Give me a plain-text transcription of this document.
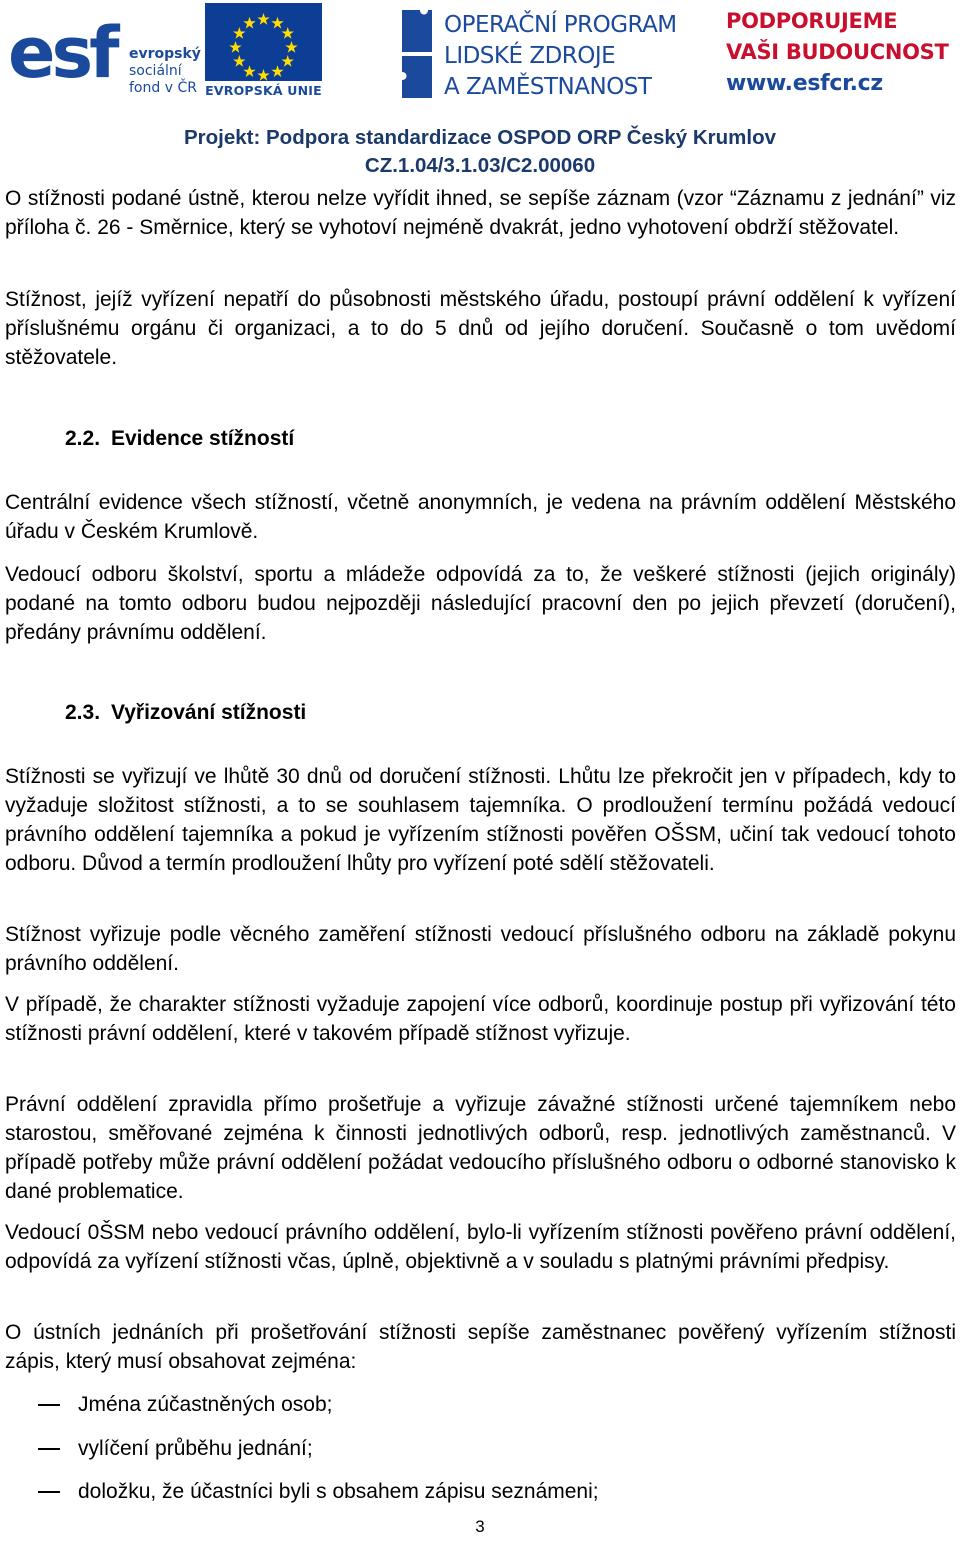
esf evropský
sociální
fond v ČR EVROPSKÁ UNIE
OPERAČNÍ PROGRAM
LIDSKÉ ZDROJE
A ZAMĚSTNANOST
PODPORUJEME
VAŠI BUDOUCNOST
www.esfcr.cz
Projekt: Podpora standardizace OSPOD ORP Český Krumlov
CZ.1.04/3.1.03/C2.00060
O stížnosti podané ústně, kterou nelze vyřídit ihned, se sepíše záznam (vzor “Záznamu z jednání” viz příloha č. 26 - Směrnice, který se vyhotoví nejméně dvakrát, jedno vyhotovení obdrží stěžovatel.
Stížnost, jejíž vyřízení nepatří do působnosti městského úřadu, postoupí právní oddělení k vyřízení příslušnému orgánu či organizaci, a to do 5 dnů od jejího doručení. Současně o tom uvědomí stěžovatele.
2.2. Evidence stížností
Centrální evidence všech stížností, včetně anonymních, je vedena na právním oddělení Městského úřadu v Českém Krumlově.
Vedoucí odboru školství, sportu a mládeže odpovídá za to, že veškeré stížnosti (jejich originály) podané na tomto odboru budou nejpozději následující pracovní den po jejich převzetí (doručení), předány právnímu oddělení.
2.3. Vyřizování stížnosti
Stížnosti se vyřizují ve lhůtě 30 dnů od doručení stížnosti. Lhůtu lze překročit jen v případech, kdy to vyžaduje složitost stížnosti, a to se souhlasem tajemníka. O prodloužení termínu požádá vedoucí právního oddělení tajemníka a pokud je vyřízením stížnosti pověřen OŠSM, učiní tak vedoucí tohoto odboru. Důvod a termín prodloužení lhůty pro vyřízení poté sdělí stěžovateli.
Stížnost vyřizuje podle věcného zaměření stížnosti vedoucí příslušného odboru na základě pokynu právního oddělení.
V případě, že charakter stížnosti vyžaduje zapojení více odborů, koordinuje postup při vyřizování této stížnosti právní oddělení, které v takovém případě stížnost vyřizuje.
Právní oddělení zpravidla přímo prošetřuje a vyřizuje závažné stížnosti určené tajemníkem nebo starostou, směřované zejména k činnosti jednotlivých odborů, resp. jednotlivých zaměstnanců. V případě potřeby může právní oddělení požádat vedoucího příslušného odboru o odborné stanovisko k dané problematice.
Vedoucí 0ŠSM nebo vedoucí právního oddělení, bylo-li vyřízením stížnosti pověřeno právní oddělení, odpovídá za vyřízení stížnosti včas, úplně, objektivně a v souladu s platnými právními předpisy.
O ústních jednáních při prošetřování stížnosti sepíše zaměstnanec pověřený vyřízením stížnosti zápis, který musí obsahovat zejména:
Jména zúčastněných osob;
vylíčení průběhu jednání;
doložku, že účastníci byli s obsahem zápisu seznámeni;
3
